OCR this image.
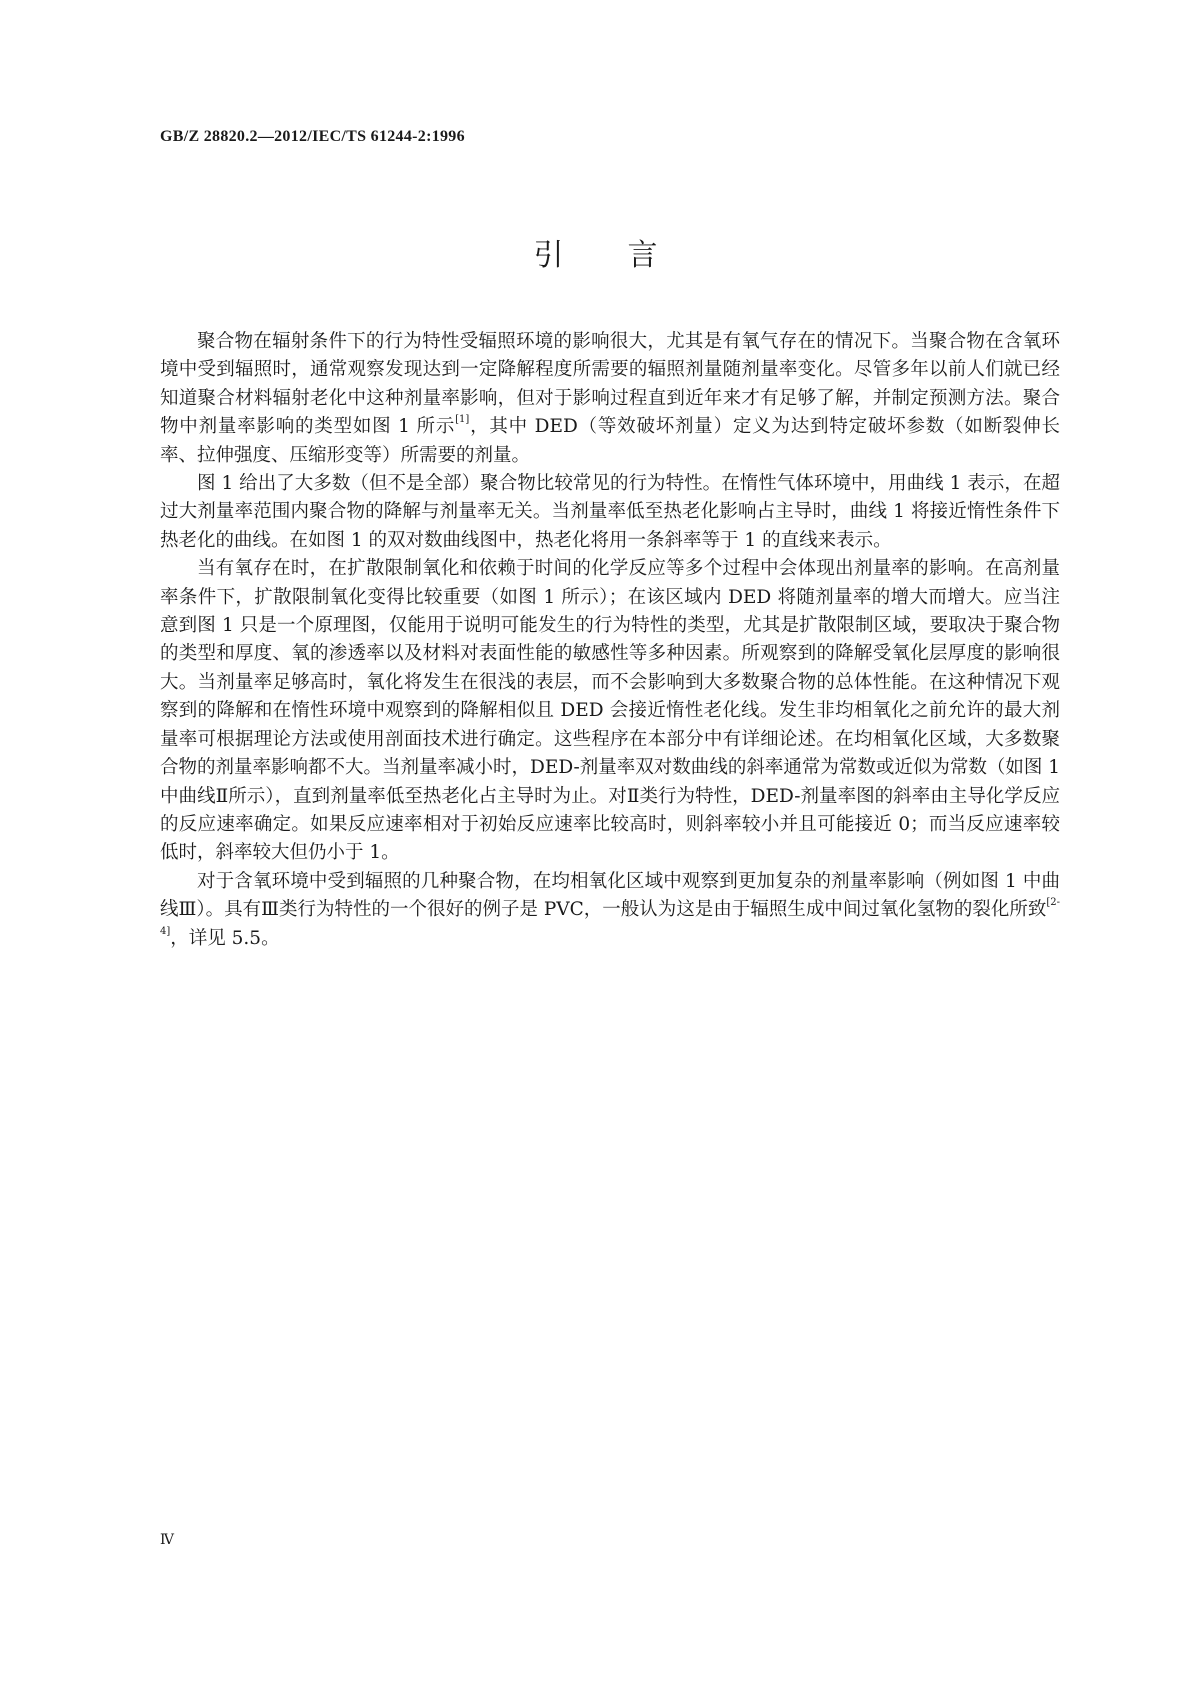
GB/Z 28820.2—2012/IEC/TS 61244-2:1996
引言

聚合物在辐射条件下的行为特性受辐照环境的影响很大，尤其是有氧气存在的情况下。当聚合物在含氧环境中受到辐照时，通常观察发现达到一定降解程度所需要的辐照剂量随剂量率变化。尽管多年以前人们就已经知道聚合材料辐射老化中这种剂量率影响，但对于影响过程直到近年来才有足够了解，并制定预测方法。聚合物中剂量率影响的类型如图 1 所示[1]，其中 DED（等效破坏剂量）定义为达到特定破坏参数（如断裂伸长率、拉伸强度、压缩形变等）所需要的剂量。

图 1 给出了大多数（但不是全部）聚合物比较常见的行为特性。在惰性气体环境中，用曲线 1 表示，在超过大剂量率范围内聚合物的降解与剂量率无关。当剂量率低至热老化影响占主导时，曲线 1 将接近惰性条件下热老化的曲线。在如图 1 的双对数曲线图中，热老化将用一条斜率等于 1 的直线来表示。

当有氧存在时，在扩散限制氧化和依赖于时间的化学反应等多个过程中会体现出剂量率的影响。在高剂量率条件下，扩散限制氧化变得比较重要（如图 1 所示）；在该区域内 DED 将随剂量率的增大而增大。应当注意到图 1 只是一个原理图，仅能用于说明可能发生的行为特性的类型，尤其是扩散限制区域，要取决于聚合物的类型和厚度、氧的渗透率以及材料对表面性能的敏感性等多种因素。所观察到的降解受氧化层厚度的影响很大。当剂量率足够高时，氧化将发生在很浅的表层，而不会影响到大多数聚合物的总体性能。在这种情况下观察到的降解和在惰性环境中观察到的降解相似且 DED 会接近惰性老化线。发生非均相氧化之前允许的最大剂量率可根据理论方法或使用剖面技术进行确定。这些程序在本部分中有详细论述。在均相氧化区域，大多数聚合物的剂量率影响都不大。当剂量率减小时，DED-剂量率双对数曲线的斜率通常为常数或近似为常数（如图 1 中曲线Ⅱ所示），直到剂量率低至热老化占主导时为止。对Ⅱ类行为特性，DED-剂量率图的斜率由主导化学反应的反应速率确定。如果反应速率相对于初始反应速率比较高时，则斜率较小并且可能接近 0；而当反应速率较低时，斜率较大但仍小于 1。

对于含氧环境中受到辐照的几种聚合物，在均相氧化区域中观察到更加复杂的剂量率影响（例如图 1 中曲线Ⅲ）。具有Ⅲ类行为特性的一个很好的例子是 PVC，一般认为这是由于辐照生成中间过氧化氢物的裂化所致[2-4]，详见 5.5。

Ⅳ
